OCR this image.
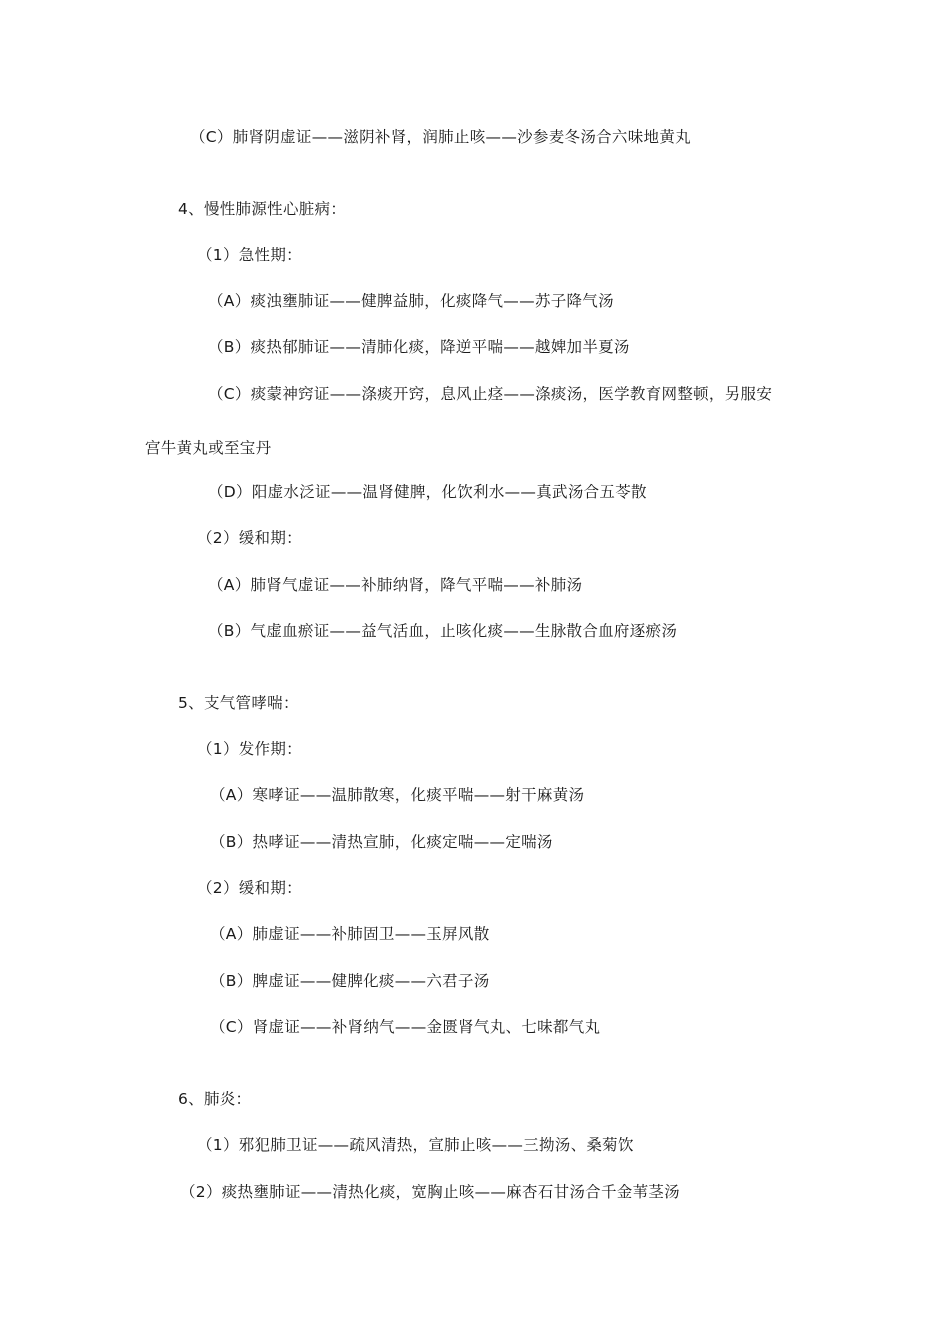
（C）肺肾阴虚证——滋阴补肾，润肺止咳——沙参麦冬汤合六味地黄丸
4、慢性肺源性心脏病：
（1）急性期：
（A）痰浊壅肺证——健脾益肺，化痰降气——苏子降气汤
（B）痰热郁肺证——清肺化痰，降逆平喘——越婢加半夏汤
（C）痰蒙神窍证——涤痰开窍，息风止痉——涤痰汤，医学教育网整顿，另服安
宫牛黄丸或至宝丹
（D）阳虚水泛证——温肾健脾，化饮利水——真武汤合五苓散
（2）缓和期：
（A）肺肾气虚证——补肺纳肾，降气平喘——补肺汤
（B）气虚血瘀证——益气活血，止咳化痰——生脉散合血府逐瘀汤
5、支气管哮喘：
（1）发作期：
（A）寒哮证——温肺散寒，化痰平喘——射干麻黄汤
（B）热哮证——清热宣肺，化痰定喘——定喘汤
（2）缓和期：
（A）肺虚证——补肺固卫——玉屏风散
（B）脾虚证——健脾化痰——六君子汤
（C）肾虚证——补肾纳气——金匮肾气丸、七味都气丸
6、肺炎：
（1）邪犯肺卫证——疏风清热，宣肺止咳——三拗汤、桑菊饮
（2）痰热壅肺证——清热化痰，宽胸止咳——麻杏石甘汤合千金苇茎汤
